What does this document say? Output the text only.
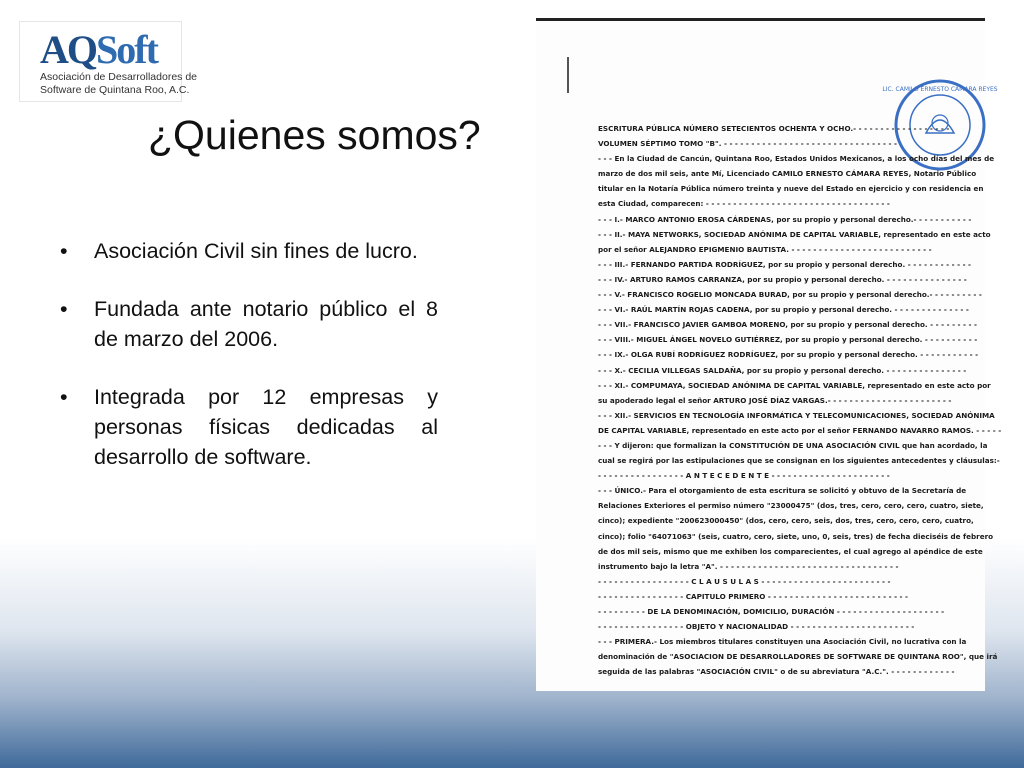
AQSoft
Asociación de Desarrolladores de
Software de Quintana Roo, A.C.
¿Quienes somos?
• Asociación Civil sin fines de lucro.
• Fundada ante notario público el 8 de marzo del 2006.
• Integrada por 12 empresas y personas físicas dedicadas al desarrollo de software.
LIC. CAMILO ERNESTO CÁMARA REYES
ESCRITURA PÚBLICA NÚMERO SETECIENTOS OCHENTA Y OCHO.- - - - - - - - - - - - - - - - - -
VOLUMEN SÉPTIMO TOMO "B". - - - - - - - - - - - - - - - - - - - - - - - - - - - - - - - -
- - - En la Ciudad de Cancún, Quintana Roo, Estados Unidos Mexicanos, a los ocho días del mes de
marzo de dos mil seis, ante Mí, Licenciado CAMILO ERNESTO CÁMARA REYES, Notario Público
titular en la Notaría Pública número treinta y nueve del Estado en ejercicio y con residencia en
esta Ciudad, comparecen: - - - - - - - - - - - - - - - - - - - - - - - - - - - - - - - - - -
- - - I.- MARCO ANTONIO EROSA CÁRDENAS, por su propio y personal derecho.- - - - - - - - - - -
- - - II.- MAYA NETWORKS, SOCIEDAD ANÓNIMA DE CAPITAL VARIABLE, representado en este acto
por el señor ALEJANDRO EPIGMENIO BAUTISTA. - - - - - - - - - - - - - - - - - - - - - - - - - -
- - - III.- FERNANDO PARTIDA RODRÍGUEZ, por su propio y personal derecho. - - - - - - - - - - - -
- - - IV.- ARTURO RAMOS CARRANZA, por su propio y personal derecho. - - - - - - - - - - - - - - -
- - - V.- FRANCISCO ROGELIO MONCADA BURAD, por su propio y personal derecho.- - - - - - - - - -
- - - VI.- RAÚL MARTÍN ROJAS CADENA, por su propio y personal derecho. - - - - - - - - - - - - - -
- - - VII.- FRANCISCO JAVIER GAMBOA MORENO, por su propio y personal derecho. - - - - - - - - -
- - - VIII.- MIGUEL ÁNGEL NOVELO GUTIÉRREZ, por su propio y personal derecho. - - - - - - - - - -
- - - IX.- OLGA RUBÍ RODRÍGUEZ RODRÍGUEZ, por su propio y personal derecho. - - - - - - - - - - -
- - - X.- CECILIA VILLEGAS SALDAÑA, por su propio y personal derecho. - - - - - - - - - - - - - - -
- - - XI.- COMPUMAYA, SOCIEDAD ANÓNIMA DE CAPITAL VARIABLE, representado en este acto por
su apoderado legal el señor ARTURO JOSÉ DÍAZ VARGAS.- - - - - - - - - - - - - - - - - - - - - - -
- - - XII.- SERVICIOS EN TECNOLOGÍA INFORMÁTICA Y TELECOMUNICACIONES, SOCIEDAD ANÓNIMA
DE CAPITAL VARIABLE, representado en este acto por el señor FERNANDO NAVARRO RAMOS. - - - - -
- - - Y dijeron: que formalizan la CONSTITUCIÓN DE UNA ASOCIACIÓN CIVIL que han acordado, la
cual se regirá por las estipulaciones que se consignan en los siguientes antecedentes y cláusulas:-
- - - - - - - - - - - - - - - - A N T E C E D E N T E - - - - - - - - - - - - - - - - - - - - - -
- - - ÚNICO.- Para el otorgamiento de esta escritura se solicitó y obtuvo de la Secretaría de
Relaciones Exteriores el permiso número "23000475" (dos, tres, cero, cero, cero, cuatro, siete,
cinco); expediente "200623000450" (dos, cero, cero, seis, dos, tres, cero, cero, cero, cuatro,
cinco); folio "64071063" (seis, cuatro, cero, siete, uno, 0, seis, tres) de fecha dieciséis de febrero
de dos mil seis, mismo que me exhiben los comparecientes, el cual agrego al apéndice de este
instrumento bajo la letra "A". - - - - - - - - - - - - - - - - - - - - - - - - - - - - - - - - -
- - - - - - - - - - - - - - - - - C L A U S U L A S - - - - - - - - - - - - - - - - - - - - - - - -
- - - - - - - - - - - - - - - - CAPITULO PRIMERO - - - - - - - - - - - - - - - - - - - - - - - - - -
- - - - - - - - - DE LA DENOMINACIÓN, DOMICILIO, DURACIÓN - - - - - - - - - - - - - - - - - - - -
- - - - - - - - - - - - - - - - OBJETO Y NACIONALIDAD - - - - - - - - - - - - - - - - - - - - - - -
- - - PRIMERA.- Los miembros titulares constituyen una Asociación Civil, no lucrativa con la
denominación de "ASOCIACION DE DESARROLLADORES DE SOFTWARE DE QUINTANA ROO", que irá
seguida de las palabras "ASOCIACIÓN CIVIL" o de su abreviatura "A.C.". - - - - - - - - - - - -
